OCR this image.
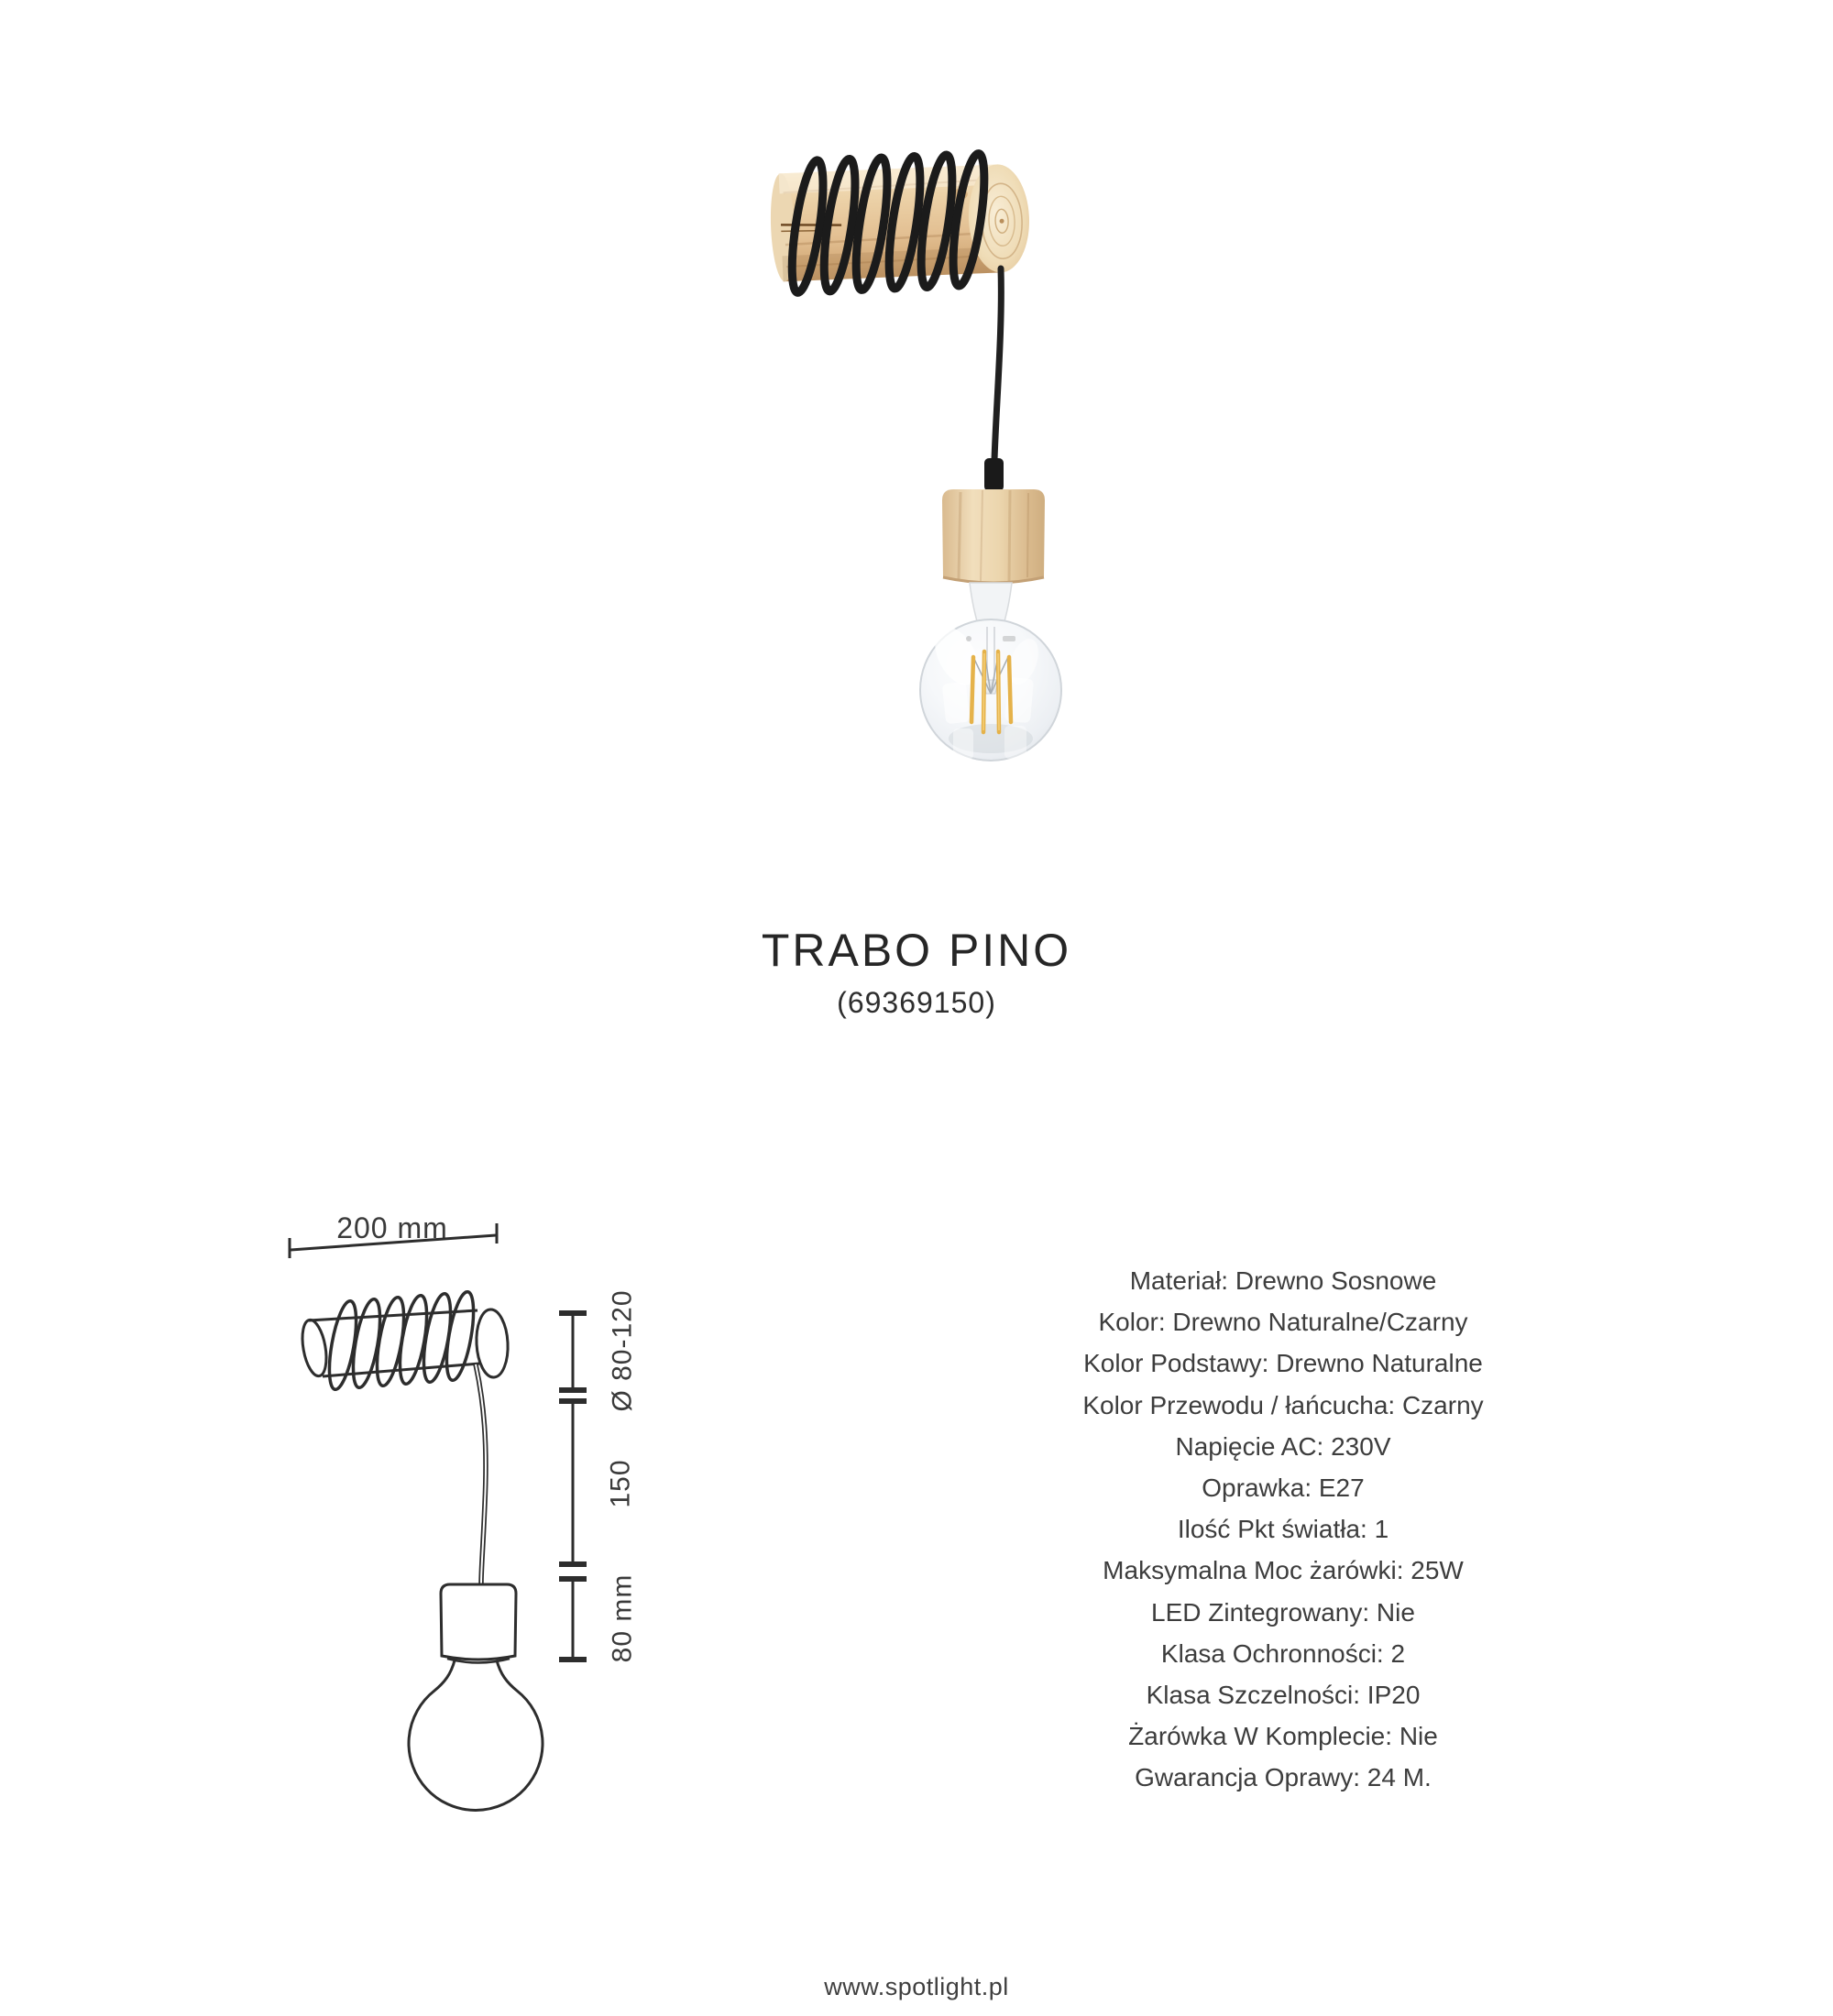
TRABO PINO
(69369150)
200 mm
Ø 80-120
150
80 mm
Materiał: Drewno Sosnowe
Kolor: Drewno Naturalne/Czarny
Kolor Podstawy: Drewno Naturalne
Kolor Przewodu / łańcucha: Czarny
Napięcie AC: 230V
Oprawka: E27
Ilość Pkt światła: 1
Maksymalna Moc żarówki: 25W
LED Zintegrowany: Nie
Klasa Ochronności: 2
Klasa Szczelności: IP20
Żarówka W Komplecie: Nie
Gwarancja Oprawy: 24 M.
www.spotlight.pl
